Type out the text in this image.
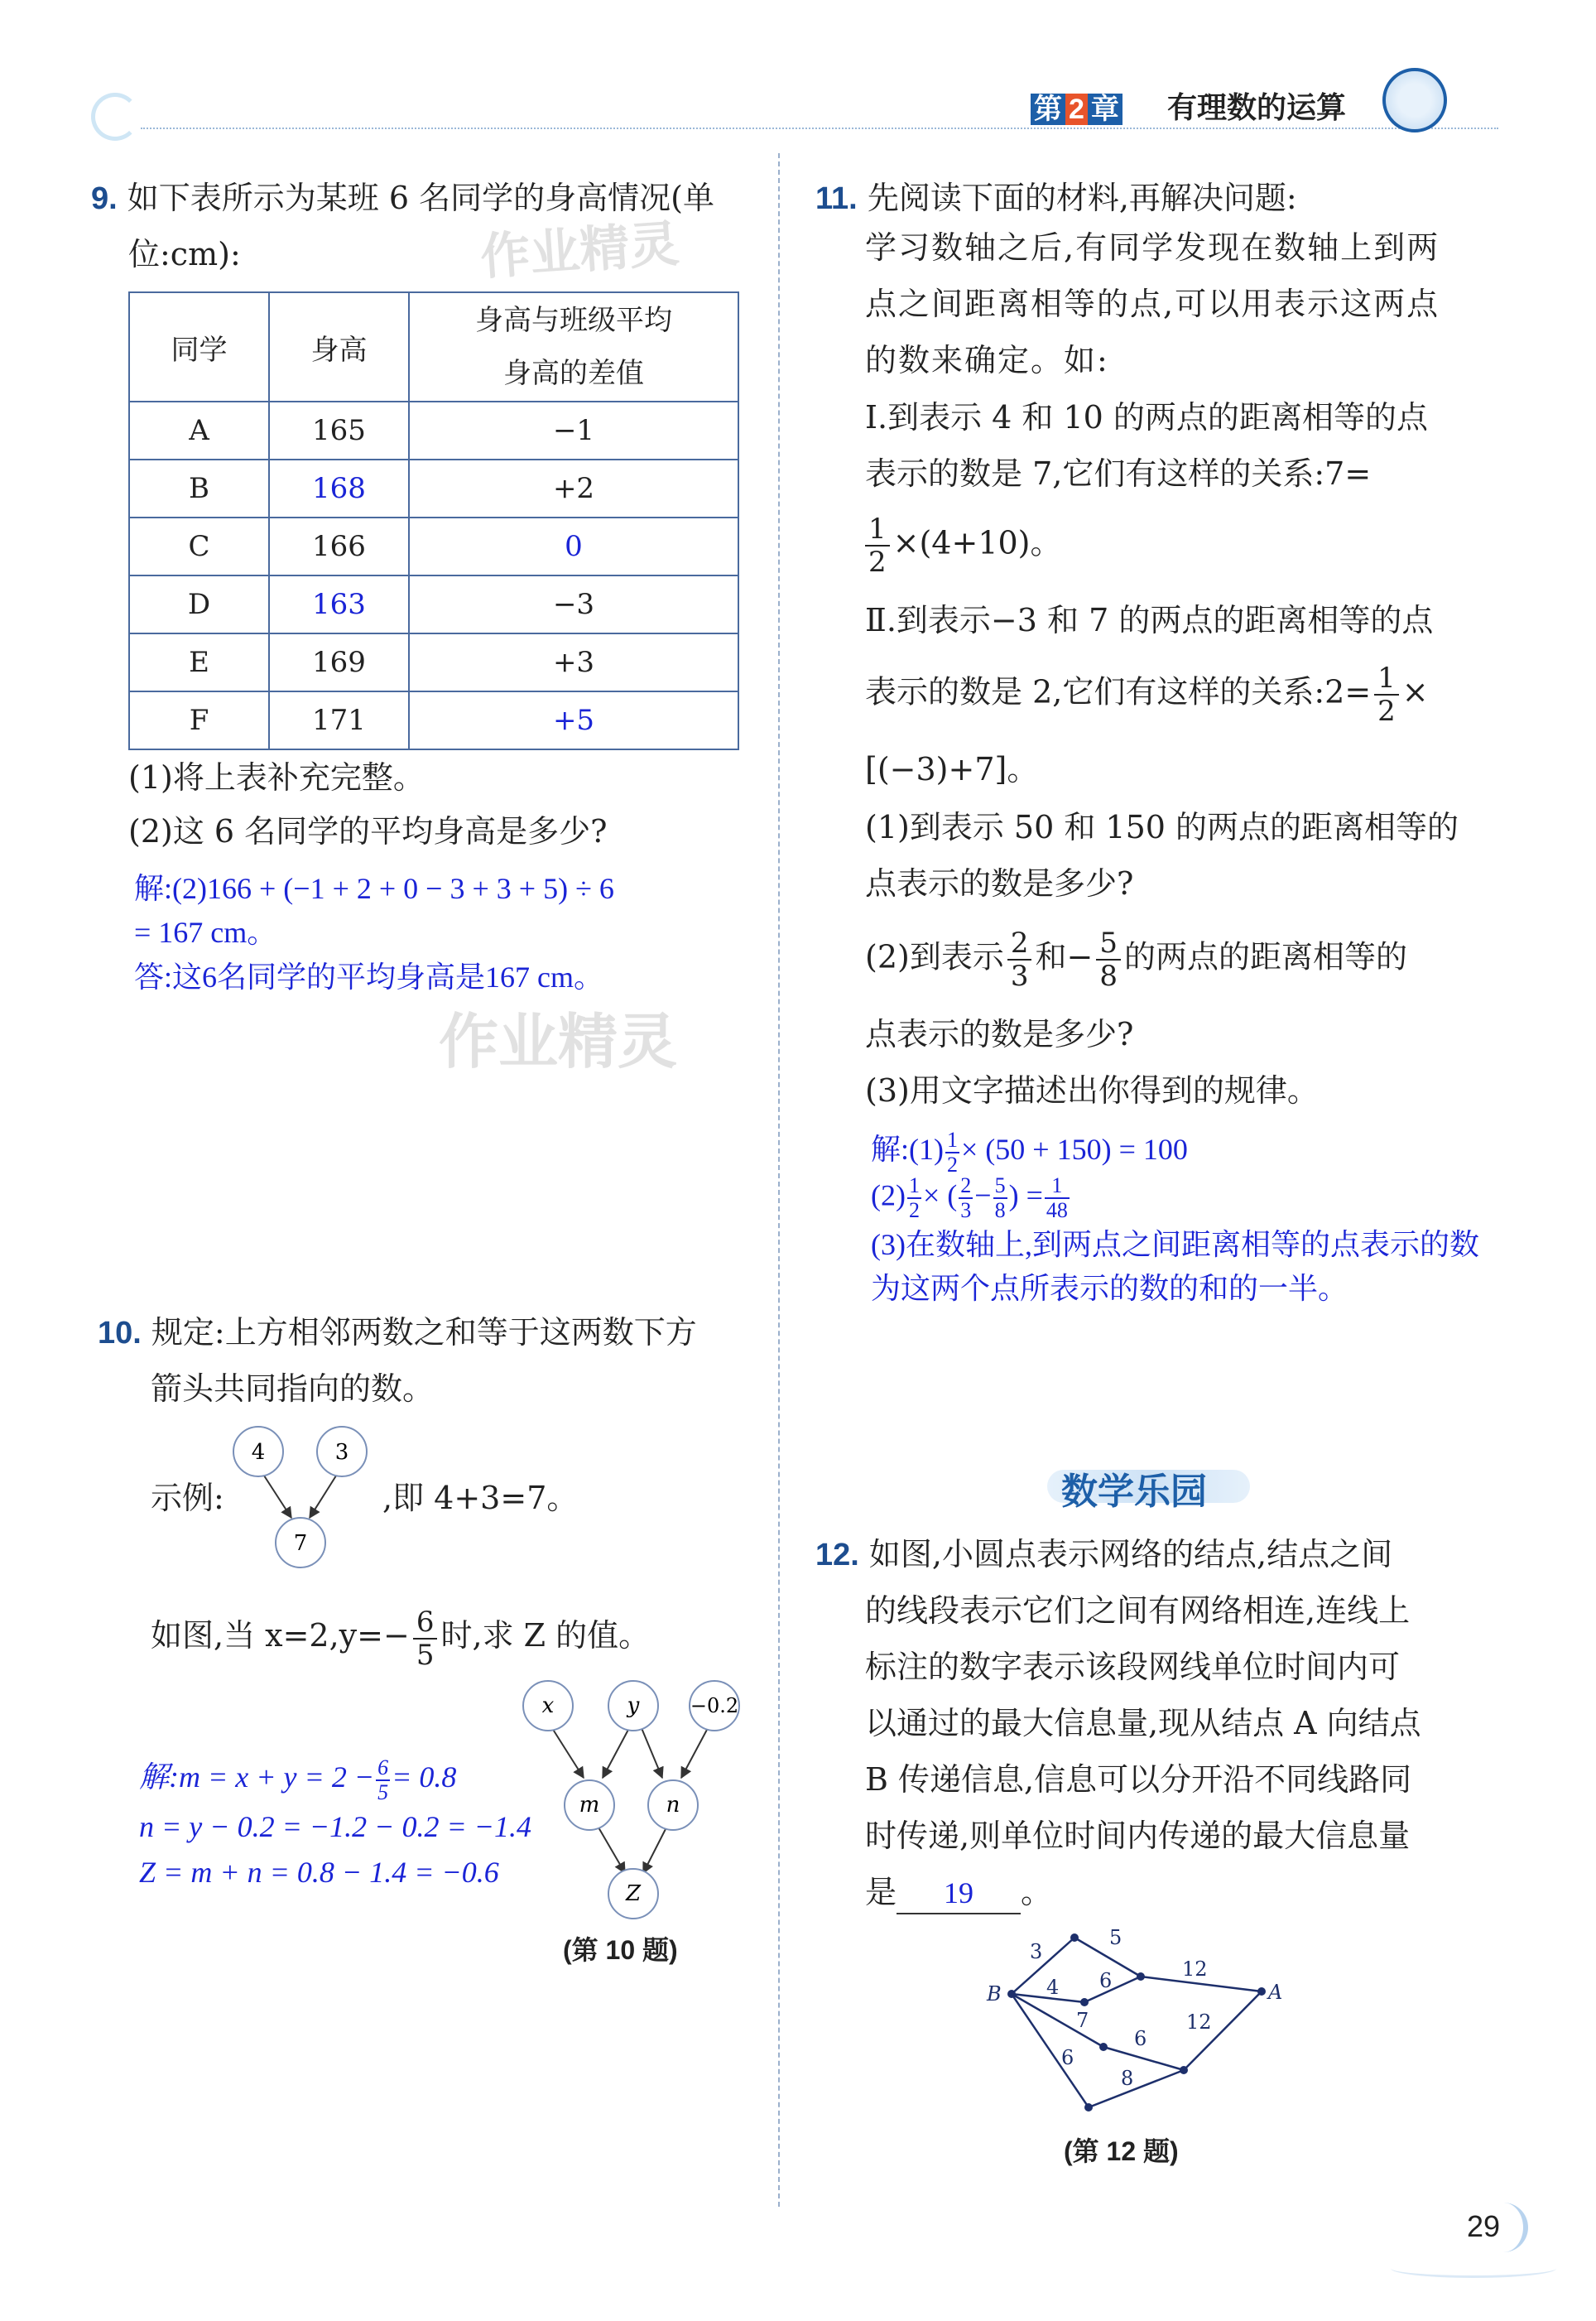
第 2 章 有理数的运算
作业精灵
作业精灵
9. 如下表所示为某班 6 名同学的身高情况(单
位:cm):
同学	身高	身高与班级平均
身高的差值

A	165	−1
B	168	+2
C	166	0
D	163	−3
E	169	+3
F	171	+5
(1)将上表补充完整。
(2)这 6 名同学的平均身高是多少?
解:(2)166 + (−1 + 2 + 0 − 3 + 3 + 5) ÷ 6
= 167 cm。
答:这6名同学的平均身高是167 cm。
10. 规定:上方相邻两数之和等于这两数下方
箭头共同指向的数。
示例:
4	3
7
,即 4+3=7。
如图,当 $x=2,y=- \frac{6}{5}$ 时,求 Z 的值。
x	y	−0.2
m	n
Z
解:m = $x + y = 2 - \frac{6}{5} = 0.8$
n = y − 0.2 = −1.2 − 0.2 = −1.4
Z = m + n = 0.8 − 1.4 = −0.6
(第 10 题)
11. 先阅读下面的材料,再解决问题:
学习数轴之后,有同学发现在数轴上到两
点之间距离相等的点,可以用表示这两点
的数来确定。如:
Ⅰ.到表示 4 和 10 的两点的距离相等的点
表示的数是 7,它们有这样的关系:7=
$\frac{1}{2} \times(4+10)$。
Ⅱ.到表示−3 和 7 的两点的距离相等的点
表示的数是 2,它们有这样的关系:2= $\frac{1}{2}$ ×
[(−3)+7]。
(1)到表示 50 和 150 的两点的距离相等的
点表示的数是多少?
(2)到表示 $\frac{2}{3}$ 和− $\frac{5}{8}$ 的两点的距离相等的
点表示的数是多少?
(3)用文字描述出你得到的规律。
解:(1) $\frac{1}{2} \times (50 + 150) = 100$
$(2) \frac{1}{2}$ × ( $\frac{2}{3} - \frac{5}{8}$ ) = $\frac{1}{48}$
(3)在数轴上,到两点之间距离相等的点表示的数
为这两个点所表示的数的和的一半。
数学乐园
12. 如图,小圆点表示网络的结点,结点之间
的线段表示它们之间有网络相连,连线上
标注的数字表示该段网线单位时间内可
以通过的最大信息量,现从结点 A 向结点
B 传递信息,信息可以分开沿不同线路同
时传递,则单位时间内传递的最大信息量
是 19 。
B	A
3
5
4 6	12
7	12
6
6
8
(第 12 题)
29
